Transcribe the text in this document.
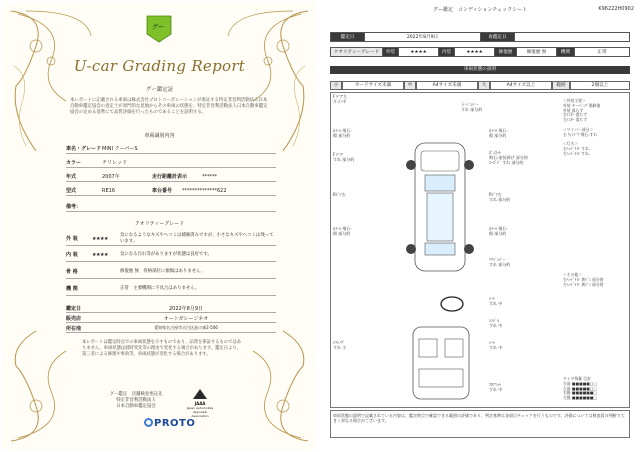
グー
U-car Grading Report
グー鑑定証
本レポートに記載される車両は株式会社プロトコーポレーションが委託する特定非営利活動法人日本自動車鑑定協会の査定士が専門的な見地からその車両の状態を、特定非営利活動法人日本自動車鑑定協会の定める基準にて品質評価を行ったものであることを証明する。
車両識別内容
車名・グレード MINI クーパーS
カラー	チリレッド
年式	2007年	走行距離計表示	******
型式	RE16	車台番号	**************622
備考：
クオリティーグレード
外 装	★★★★	気になるようなキズやヘコミは補修済みですが、小さなキズやヘコミは残っています。
内 装	★★★★	気になる汚れ等がありますが状態は良好です。
骨 格	修復歴 無　骨格部位に損傷はありません。
機 関	正常　主要機関に不具合はありません。
鑑定日	2022年8月9日
販売店	オートガレージネオ
所在地	愛知県名古屋市天白区池の東2-506
本レポートは鑑定時点での車両状態を示すものであり、品質を保証するものではありません。車両状態は経時変化等の理由で変化する場合があります。鑑定日より、第三者による修理や事故等、車両状態が変化する場合があります。
グー鑑定　店舗検査委託先
特定非営利活動法人
日本自動車鑑定協会
JAAA
Japan Automobile Appraisal Association
PROTO
グー鑑定　コンディションチェックシート	K96222H0902
鑑定日	2022年8月9日	再鑑定日	
クオリティーグレード	外装	★★★★	内装	★★★★	修復歴	修復歴 無	機関	正常
車両状態の説明
小	カードサイズ未満	中	A4サイズ未満	大	A4サイズ以上	範囲	2個以上
Fドア左
キズ-中
ﾎｲｰﾙ 飛石-
傷 部分的
下 ﾊﾞﾝﾊﾟｰ
すれ 部分的
ﾎｲｰﾙ 飛石-
傷 部分的
Fドア
すれ 部分的
ﾎﾞﾝﾈｯﾄ
飛石-塗装剥げ 部分的
ﾕｰｽﾞﾄﾞ すれ 部分的
Rﾄﾞｱ右
すれ 部分的
Rﾄﾞｱ左
ﾎｲｰﾙ 飛石-
傷 部分的
ﾎｲｰﾙ 飛石-
傷 部分的
ﾘｱﾊﾞﾝﾊﾟｰ
すれ 部分的
ｼｰﾄ
すれ 中
ﾊﾝﾄﾞﾙ
すれ 中
ｼﾌﾄﾉﾌﾞ
すれ 小
ｼｰﾄ
すれ 中
ﾌﾛｱﾏｯﾄ
すれ 中
＜外装主要＞
外装 キーﾊﾟﾝﾌﾟ傷修復
外装 落ちず
右ｴﾐﾀｰ 落ちず
左ｴﾐﾀｰ 落ちず

＜ワイパー部分＞
右 ｳｨﾝﾄﾞｳ 飛石-すれ

＜灯火＞
右ﾍｯﾄﾞﾗｲﾄ すれ-
左ﾍｯﾄﾞﾗｲﾄ すれ-
＜その他＞
右ﾍｯﾄﾞﾗｲﾄ 黄ﾊﾞﾐ 部分的
左ﾍｯﾄﾞﾗｲﾄ 黄ﾊﾞﾐ 部分的
タイヤ残量 目安
右前 ■■■■■□□
左前 ■■■■■□□
右後 ■■■■■■□
左後 ■■■■■■□
車両状態の説明で記載されている内容は、鑑定時点で確認できる範囲の評価であり、判定基準は各項目チェックを行うものです。評価については検査員の判断で大きく異なる場合がございます。
